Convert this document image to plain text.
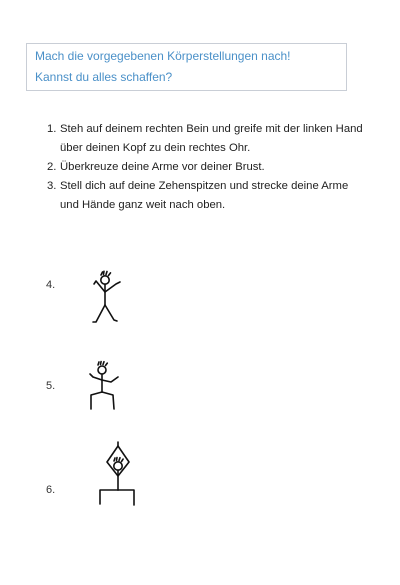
Mach die vorgegebenen Körperstellungen nach!
Kannst du alles schaffen?
1. Steh auf deinem rechten Bein und greife mit der linken Hand über deinen Kopf zu dein rechtes Ohr.
2. Überkreuze deine Arme vor deiner Brust.
3. Stell dich auf deine Zehenspitzen und strecke deine Arme und Hände ganz weit nach oben.
4.
5.
6.
